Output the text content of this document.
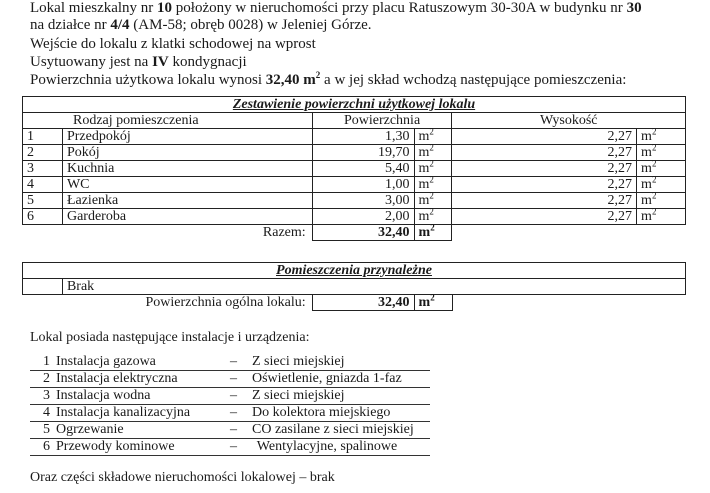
Lokal mieszkalny nr 10 położony w nieruchomości przy placu Ratuszowym 30-30A w budynku nr 30
na działce nr 4/4 (AM-58; obręb 0028) w Jeleniej Górze.
Wejście do lokalu z klatki schodowej na wprost
Usytuowany jest na IV kondygnacji
Powierzchnia użytkowa lokalu wynosi 32,40 $m^2$ a w jej skład wchodzą następujące pomieszczenia:
Zestawienie powierzchni użytkowej lokalu					
Rodzaj pomieszczenia		Powierzchnia		Wysokość	
1	Przedpokój	1,30	$m^2$	2,27	$m^2$
2	Pokój	19,70	$m^2$	2,27	$m^2$
3	Kuchnia	5,40	$m^2$	2,27	$m^2$
4	WC	1,00	$m^2$	2,27	$m^2$
5	Łazienka	3,00	$m^2$	2,27	$m^2$
6	Garderoba	2,00	$m^2$	2,27	$m^2$
Razem:		32,40	$m^2$	
Pomieszczenia przynależne				
	Brak			
Powierzchnia ogólna lokalu:		32,40	$m^2$	
Lokal posiada następujące instalacje i urządzenia:
1 Instalacja gazowa	– Z sieci miejskiej
2 Instalacja elektryczna	– Oświetlenie, gniazda 1-faz
3 Instalacja wodna	– Z sieci miejskiej
4 Instalacja kanalizacyjna	– Do kolektora miejskiego
5 Ogrzewanie	– CO zasilane z sieci miejskiej
6 Przewody kominowe	–	Wentylacyjne, spalinowe
Oraz części składowe nieruchomości lokalowej – brak
